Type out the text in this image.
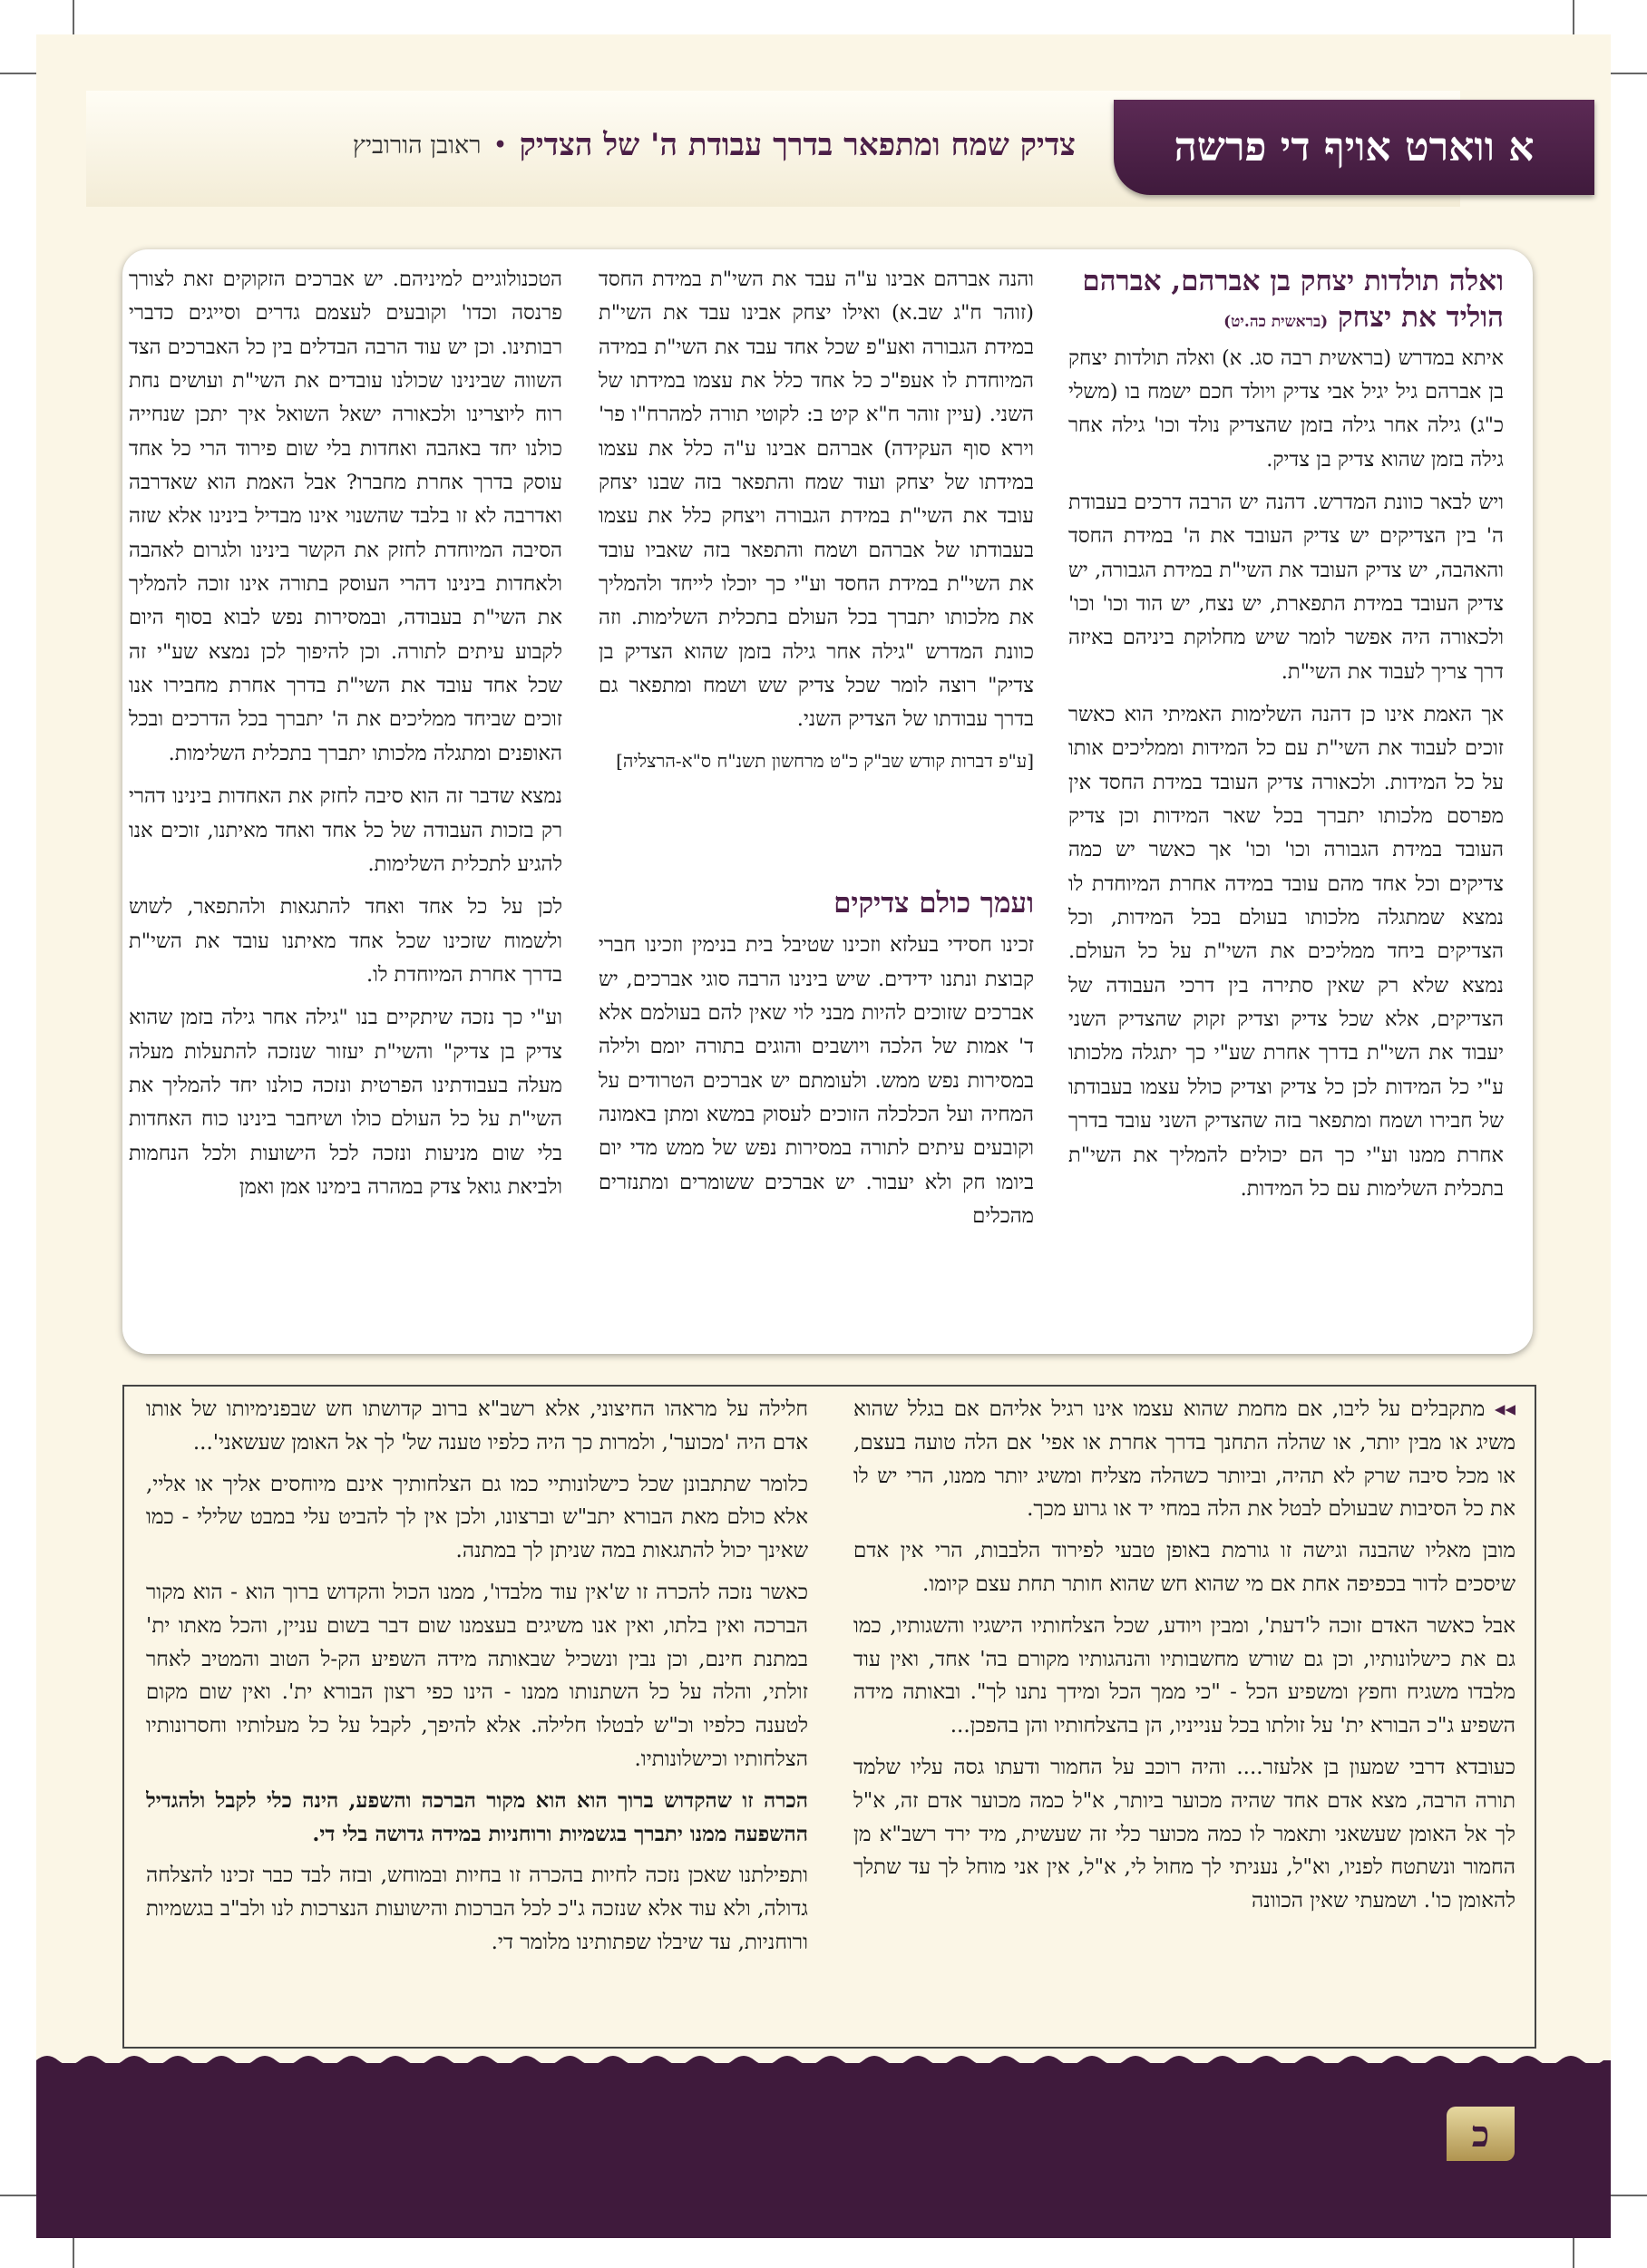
א ווארט אויף די פרשה
צדיק שמח ומתפאר בדרך עבודת ה' של הצדיק
•
ראובן הורוביץ
ואלה תולדות יצחק בן אברהם, אברהם הוליד את יצחק (בראשית כה.יט)

איתא במדרש (בראשית רבה סג. א) ואלה תולדות יצחק בן אברהם גיל יגיל אבי צדיק ויולד חכם ישמח בו (משלי כ"ג) גילה אחר גילה בזמן שהצדיק נולד וכו' גילה אחר גילה בזמן שהוא צדיק בן צדיק.

ויש לבאר כוונת המדרש. דהנה יש הרבה דרכים בעבודת ה' בין הצדיקים יש צדיק העובד את ה' במידת החסד והאהבה, יש צדיק העובד את השי"ת במידת הגבורה, יש צדיק העובד במידת התפארת, יש נצח, יש הוד וכו' וכו' ולכאורה היה אפשר לומר שיש מחלוקת ביניהם באיזה דרך צריך לעבוד את השי"ת.

אך האמת אינו כן דהנה השלימות האמיתי הוא כאשר זוכים לעבוד את השי"ת עם כל המידות וממליכים אותו על כל המידות. ולכאורה צדיק העובד במידת החסד אין מפרסם מלכותו יתברך בכל שאר המידות וכן צדיק העובד במידת הגבורה וכו' וכו' אך כאשר יש כמה צדיקים וכל אחד מהם עובד במידה אחרת המיוחדת לו נמצא שמתגלה מלכותו בעולם בכל המידות, וכל הצדיקים ביחד ממליכים את השי"ת על כל העולם. נמצא שלא רק שאין סתירה בין דרכי העבודה של הצדיקים, אלא שכל צדיק וצדיק זקוק שהצדיק השני יעבוד את השי"ת בדרך אחרת שע"י כך יתגלה מלכותו ע"י כל המידות לכן כל צדיק וצדיק כולל עצמו בעבודתו של חבירו ושמח ומתפאר בזה שהצדיק השני עובד בדרך אחרת ממנו וע"י כך הם יכולים להמליך את השי"ת בתכלית השלימות עם כל המידות.

והנה אברהם אבינו ע"ה עבד את השי"ת במידת החסד (זוהר ח"ג שב.א) ואילו יצחק אבינו עבד את השי"ת במידת הגבורה ואע"פ שכל אחד עבד את השי"ת במידה המיוחדת לו אעפ"כ כל אחד כלל את עצמו במידתו של השני. (עיין זוהר ח"א קיט ב: לקוטי תורה למהרח"ו פר' וירא סוף העקידה) אברהם אבינו ע"ה כלל את עצמו במידתו של יצחק ועוד שמח והתפאר בזה שבנו יצחק עובד את השי"ת במידת הגבורה ויצחק כלל את עצמו בעבודתו של אברהם ושמח והתפאר בזה שאביו עובד את השי"ת במידת החסד וע"י כך יוכלו לייחד ולהמליך את מלכותו יתברך בכל העולם בתכלית השלימות. וזה כוונת המדרש "גילה אחר גילה בזמן שהוא הצדיק בן צדיק" רוצה לומר שכל צדיק שש ושמח ומתפאר גם בדרך עבודתו של הצדיק השני.

[ע"פ דברות קודש שב"ק כ"ט מרחשון תשנ"ח ס"א-הרצליה]

ועמך כולם צדיקים

זכינו חסידי בעלזא וזכינו שטיבל בית בנימין וזכינו חברי קבוצת ונתנו ידידים. שיש בינינו הרבה סוגי אברכים, יש אברכים שזוכים להיות מבני לוי שאין להם בעולמם אלא ד' אמות של הלכה ויושבים והוגים בתורה יומם ולילה במסירות נפש ממש. ולעומתם יש אברכים הטרודים על המחיה ועל הכלכלה הזוכים לעסוק במשא ומתן באמונה וקובעים עיתים לתורה במסירות נפש של ממש מדי יום ביומו חק ולא יעבור. יש אברכים ששומרים ומתנזרים מהכלים

הטכנולוגיים למיניהם. יש אברכים הזקוקים זאת לצורך פרנסה וכדו' וקובעים לעצמם גדרים וסייגים כדברי רבותינו. וכן יש עוד הרבה הבדלים בין כל האברכים הצד השווה שבינינו שכולנו עובדים את השי"ת ועושים נחת רוח ליוצרינו ולכאורה ישאל השואל איך יתכן שנחייה כולנו יחד באהבה ואחדות בלי שום פירוד הרי כל אחד עוסק בדרך אחרת מחברו? אבל האמת הוא שאדרבה ואדרבה לא זו בלבד שהשנוי אינו מבדיל בינינו אלא שזה הסיבה המיוחדת לחזק את הקשר בינינו ולגרום לאהבה ולאחדות בינינו דהרי העוסק בתורה אינו זוכה להמליך את השי"ת בעבודה, ובמסירות נפש לבוא בסוף היום לקבוע עיתים לתורה. וכן להיפוך לכן נמצא שע"י זה שכל אחד עובד את השי"ת בדרך אחרת מחבירו אנו זוכים שביחד ממליכים את ה' יתברך בכל הדרכים ובכל האופנים ומתגלה מלכותו יתברך בתכלית השלימות.

נמצא שדבר זה הוא סיבה לחזק את האחדות בינינו דהרי רק בזכות העבודה של כל אחד ואחד מאיתנו, זוכים אנו להגיע לתכלית השלימות.

לכן על כל אחד ואחד להתגאות ולהתפאר, לשוש ולשמוח שזכינו שכל אחד מאיתנו עובד את השי"ת בדרך אחרת המיוחדת לו.

וע"י כך נזכה שיתקיים בנו "גילה אחר גילה בזמן שהוא צדיק בן צדיק" והשי"ת יעזור שנזכה להתעלות מעלה מעלה בעבודתינו הפרטית ונזכה כולנו יחד להמליך את השי"ת על כל העולם כולו ושיחבר בינינו כוח האחדות בלי שום מניעות ונזכה לכל הישועות ולכל הנחמות ולביאת גואל צדק במהרה בימינו אמן ואמן

◂◂ מתקבלים על ליבו, אם מחמת שהוא עצמו אינו רגיל אליהם אם בגלל שהוא משיג או מבין יותר, או שהלה התחנך בדרך אחרת או אפי' אם הלה טועה בעצם, או מכל סיבה שרק לא תהיה, וביותר כשהלה מצליח ומשיג יותר ממנו, הרי יש לו את כל הסיבות שבעולם לבטל את הלה במחי יד או גרוע מכך.

מובן מאליו שהבנה וגישה זו גורמת באופן טבעי לפירוד הלבבות, הרי אין אדם שיסכים לדור בכפיפה אחת אם מי שהוא חש שהוא חותר תחת עצם קיומו.

אבל כאשר האדם זוכה ל'דעת', ומבין ויודע, שכל הצלחותיו הישגיו והשגותיו, כמו גם את כישלונותיו, וכן גם שורש מחשבותיו והנהגותיו מקורם בה' אחד, ואין עוד מלבדו משגיח וחפץ ומשפיע הכל - "כי ממך הכל ומידך נתנו לך". ובאותה מידה השפיע ג"כ הבורא ית' על זולתו בכל ענייניו, הן בהצלחותיו והן בהפכן...

כעובדא דרבי שמעון בן אלעזר.... והיה רוכב על החמור ודעתו גסה עליו שלמד תורה הרבה, מצא אדם אחד שהיה מכוער ביותר, א"ל כמה מכוער אדם זה, א"ל לך אל האומן שעשאני ותאמר לו כמה מכוער כלי זה שעשית, מיד ירד רשב"א מן החמור ונשתטח לפניו, וא"ל, נעניתי לך מחול לי, א"ל, אין אני מוחל לך עד שתלך להאומן כו'. ושמעתי שאין הכוונה

חלילה על מראהו החיצוני, אלא רשב"א ברוב קדושתו חש שבפנימיותו של אותו אדם היה 'מכוער', ולמרות כך היה כלפיו טענה של' לך אל האומן שעשאני'...

כלומר שתתבונן שכל כישלונותיי כמו גם הצלחותיך אינם מיוחסים אליך או אליי, אלא כולם מאת הבורא יתב"ש וברצונו, ולכן אין לך להביט עלי במבט שלילי - כמו שאינך יכול להתגאות במה שניתן לך במתנה.

כאשר נזכה להכרה זו ש'אין עוד מלבדו', ממנו הכול והקדוש ברוך הוא - הוא מקור הברכה ואין בלתו, ואין אנו משיגים בעצמנו שום דבר בשום עניין, והכל מאתו ית' במתנת חינם, וכן נבין ונשכיל שבאותה מידה השפיע הק-ל הטוב והמטיב לאחר זולתי, והלה על כל השתנותו ממנו - הינו כפי רצון הבורא ית'. ואין שום מקום לטענה כלפיו וכ"ש לבטלו חלילה. אלא להיפך, לקבל על כל מעלותיו וחסרונותיו הצלחותיו וכישלונותיו.

הכרה זו שהקדוש ברוך הוא הוא מקור הברכה והשפע, הינה כלי לקבל ולהגדיל ההשפעה ממנו יתברך בגשמיות ורוחניות במידה גדושה בלי די.

ותפילתנו שאכן נזכה לחיות בהכרה זו בחיות ובמוחש, ובזה לבד כבר זכינו להצלחה גדולה, ולא עוד אלא שנזכה ג"כ לכל הברכות והישועות הנצרכות לנו ולב"ב בגשמיות ורוחניות, עד שיבלו שפתותינו מלומר די.

כ
